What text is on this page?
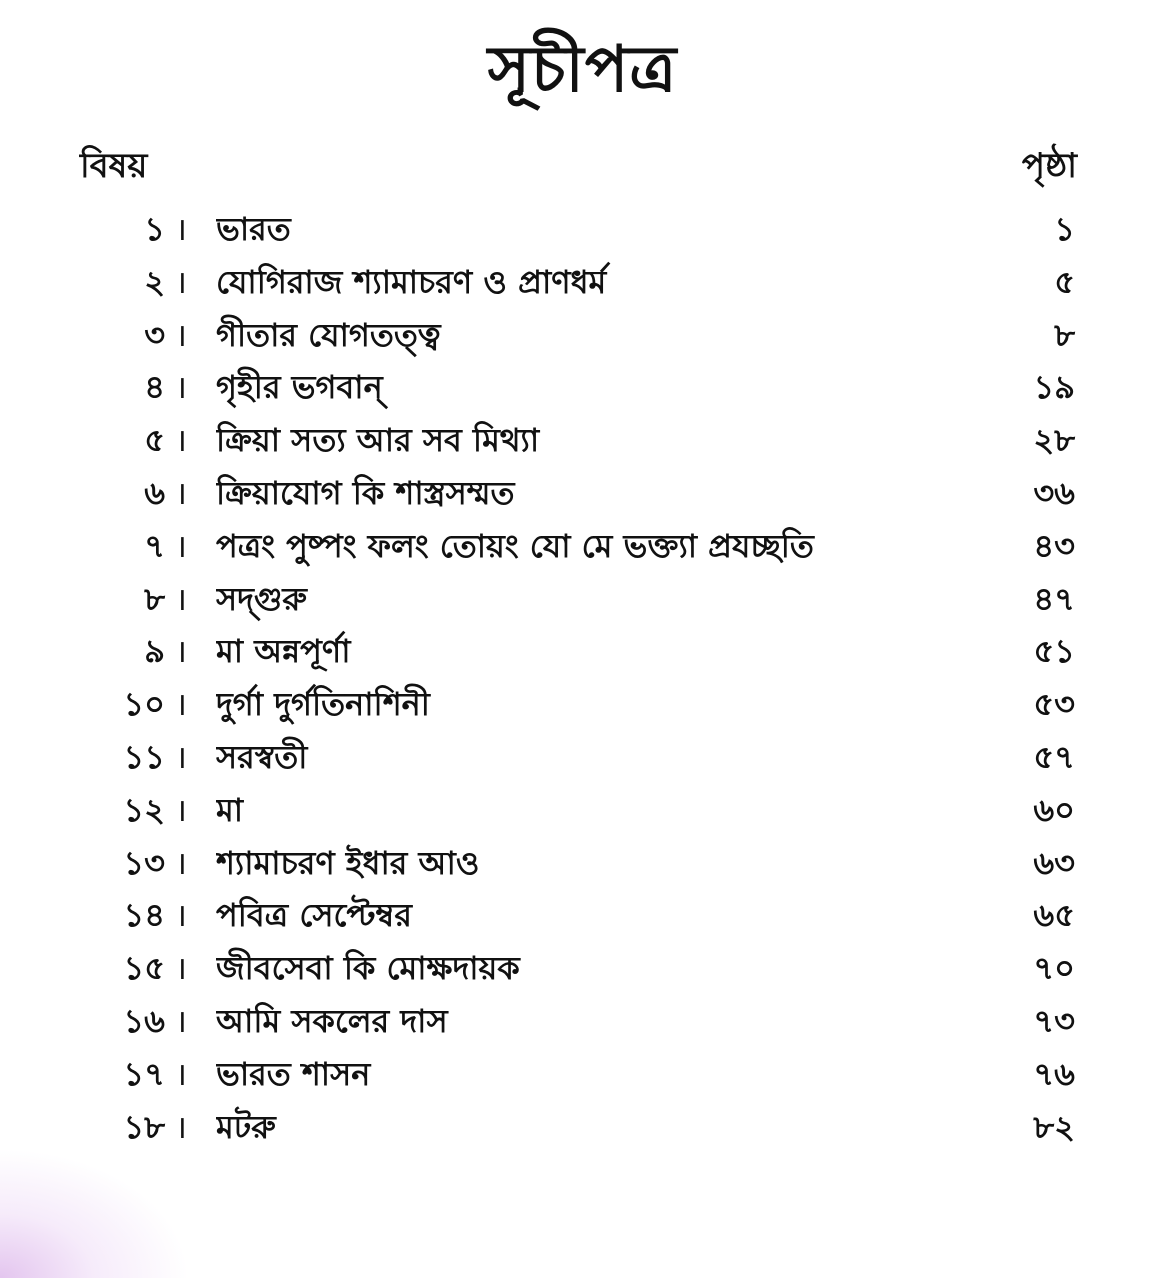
সূচীপত্র
বিষয়	পৃষ্ঠা
১ । ভারত	১
২ । যোগিরাজ শ্যামাচরণ ও প্রাণধর্ম	৫
৩ । গীতার যোগতত্ত্ব	৮
৪ । গৃহীর ভগবান্	১৯
৫ । ক্রিয়া সত্য আর সব মিথ্যা	২৮
৬ । ক্রিয়াযোগ কি শাস্ত্রসম্মত	৩৬
৭ । পত্রং পুষ্পং ফলং তোয়ং যো মে ভক্ত্যা প্রযচ্ছতি	৪৩
৮ । সদ্গুরু	৪৭
৯ । মা অন্নপূর্ণা	৫১
১০ । দুর্গা দুর্গতিনাশিনী	৫৩
১১ । সরস্বতী	৫৭
১২ । মা	৬০
১৩ । শ্যামাচরণ ইধার আও	৬৩
১৪ । পবিত্র সেপ্টেম্বর	৬৫
১৫ । জীবসেবা কি মোক্ষদায়ক	৭০
১৬ । আমি সকলের দাস	৭৩
১৭ । ভারত শাসন	৭৬
১৮ । মটরু	৮২
